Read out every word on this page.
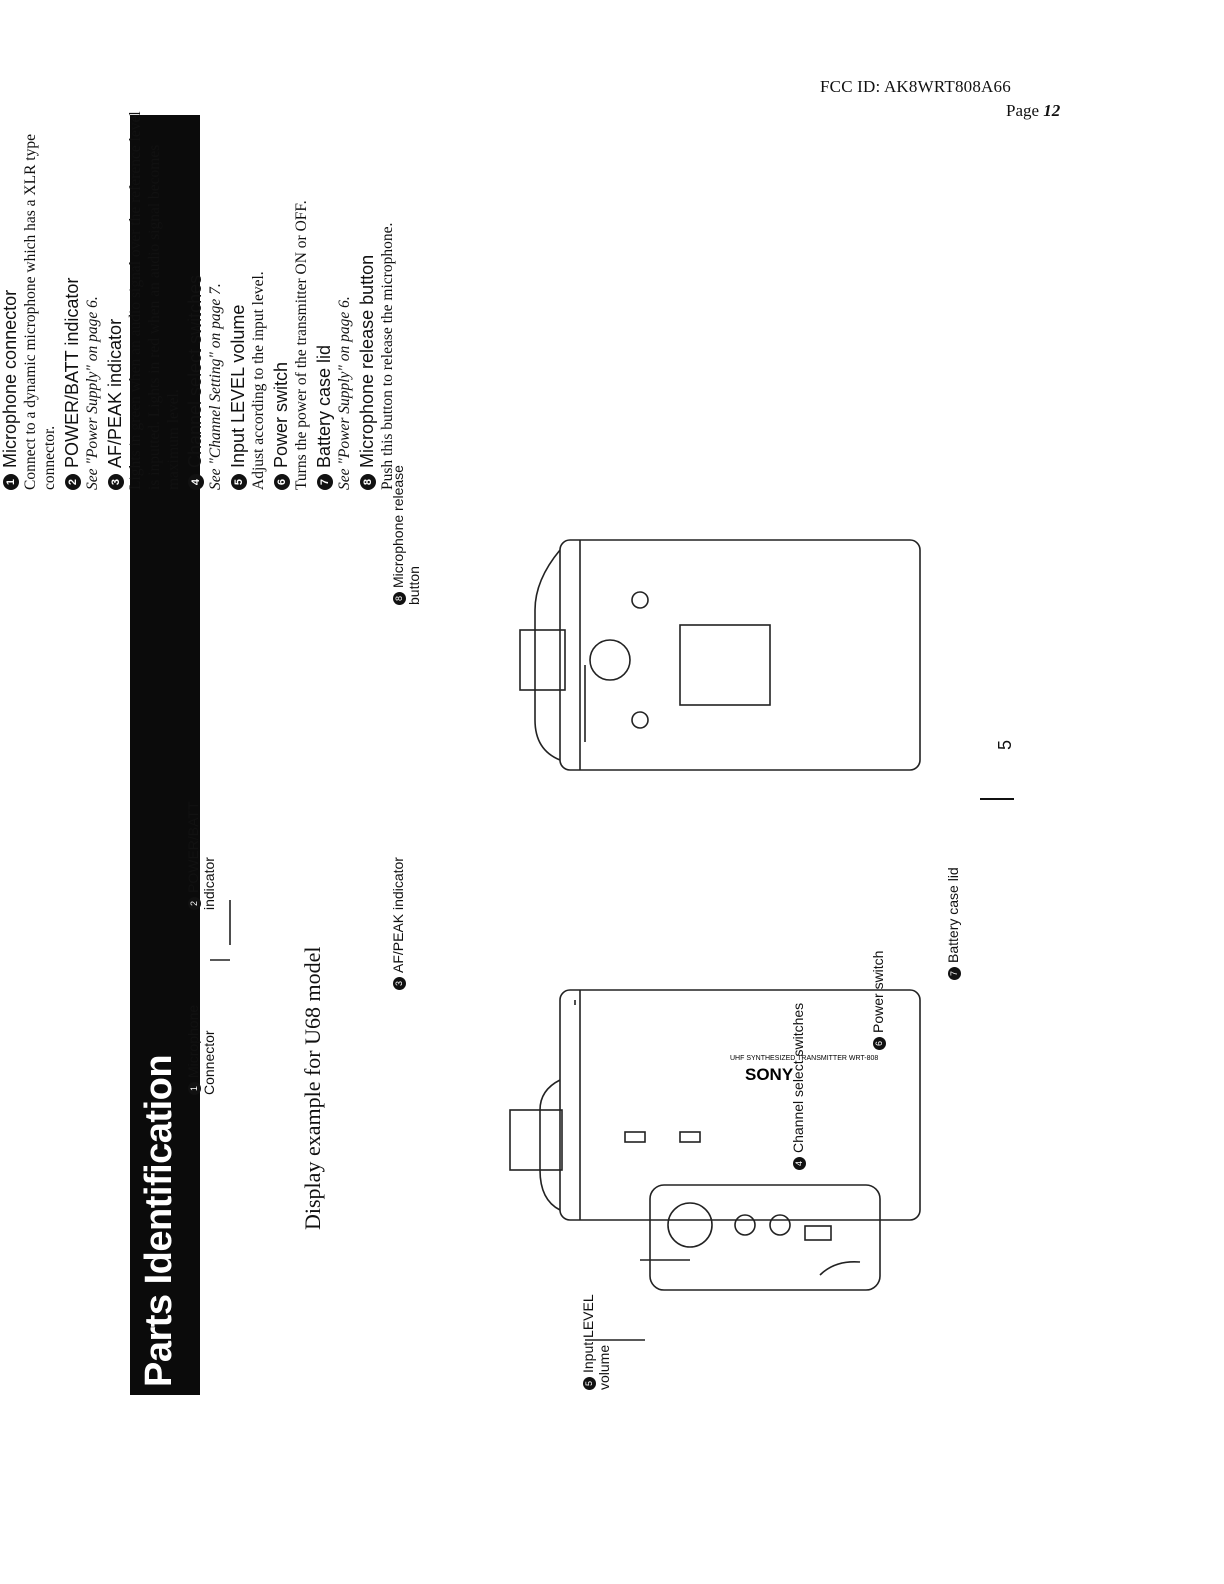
FCC ID: AK8WRT808A66
Page 12
Parts Identification	SONY
UHF SYNTHESIZED TRANSMITTER WRT-808
1Microphone Connector
2POWER/BATT indicator
3AF/PEAK indicator
8Microphone release button
4Channel select switches
5Input LEVEL volume
6Power switch	7Battery case lid
Display example for U68 model
1
Microphone connector Connect to a dynamic microphone which has a XLR type connector. 2
POWER/BATT indicator See "Power Supply" on page 6. 3
AF/PEAK indicator Lights in green when an audio signal over the reference level is inputted. Lights in red when an audio signal becomes maximum level. 4
Channel select switches See "Channel Setting" on page 7. 5
Input LEVEL volume Adjust according to the input level. 6
Power switch Turns the power of the transmitter ON or OFF. 7
Battery case lid See "Power Supply" on page 6. 8
Microphone release button Push this button to release the microphone.
5
